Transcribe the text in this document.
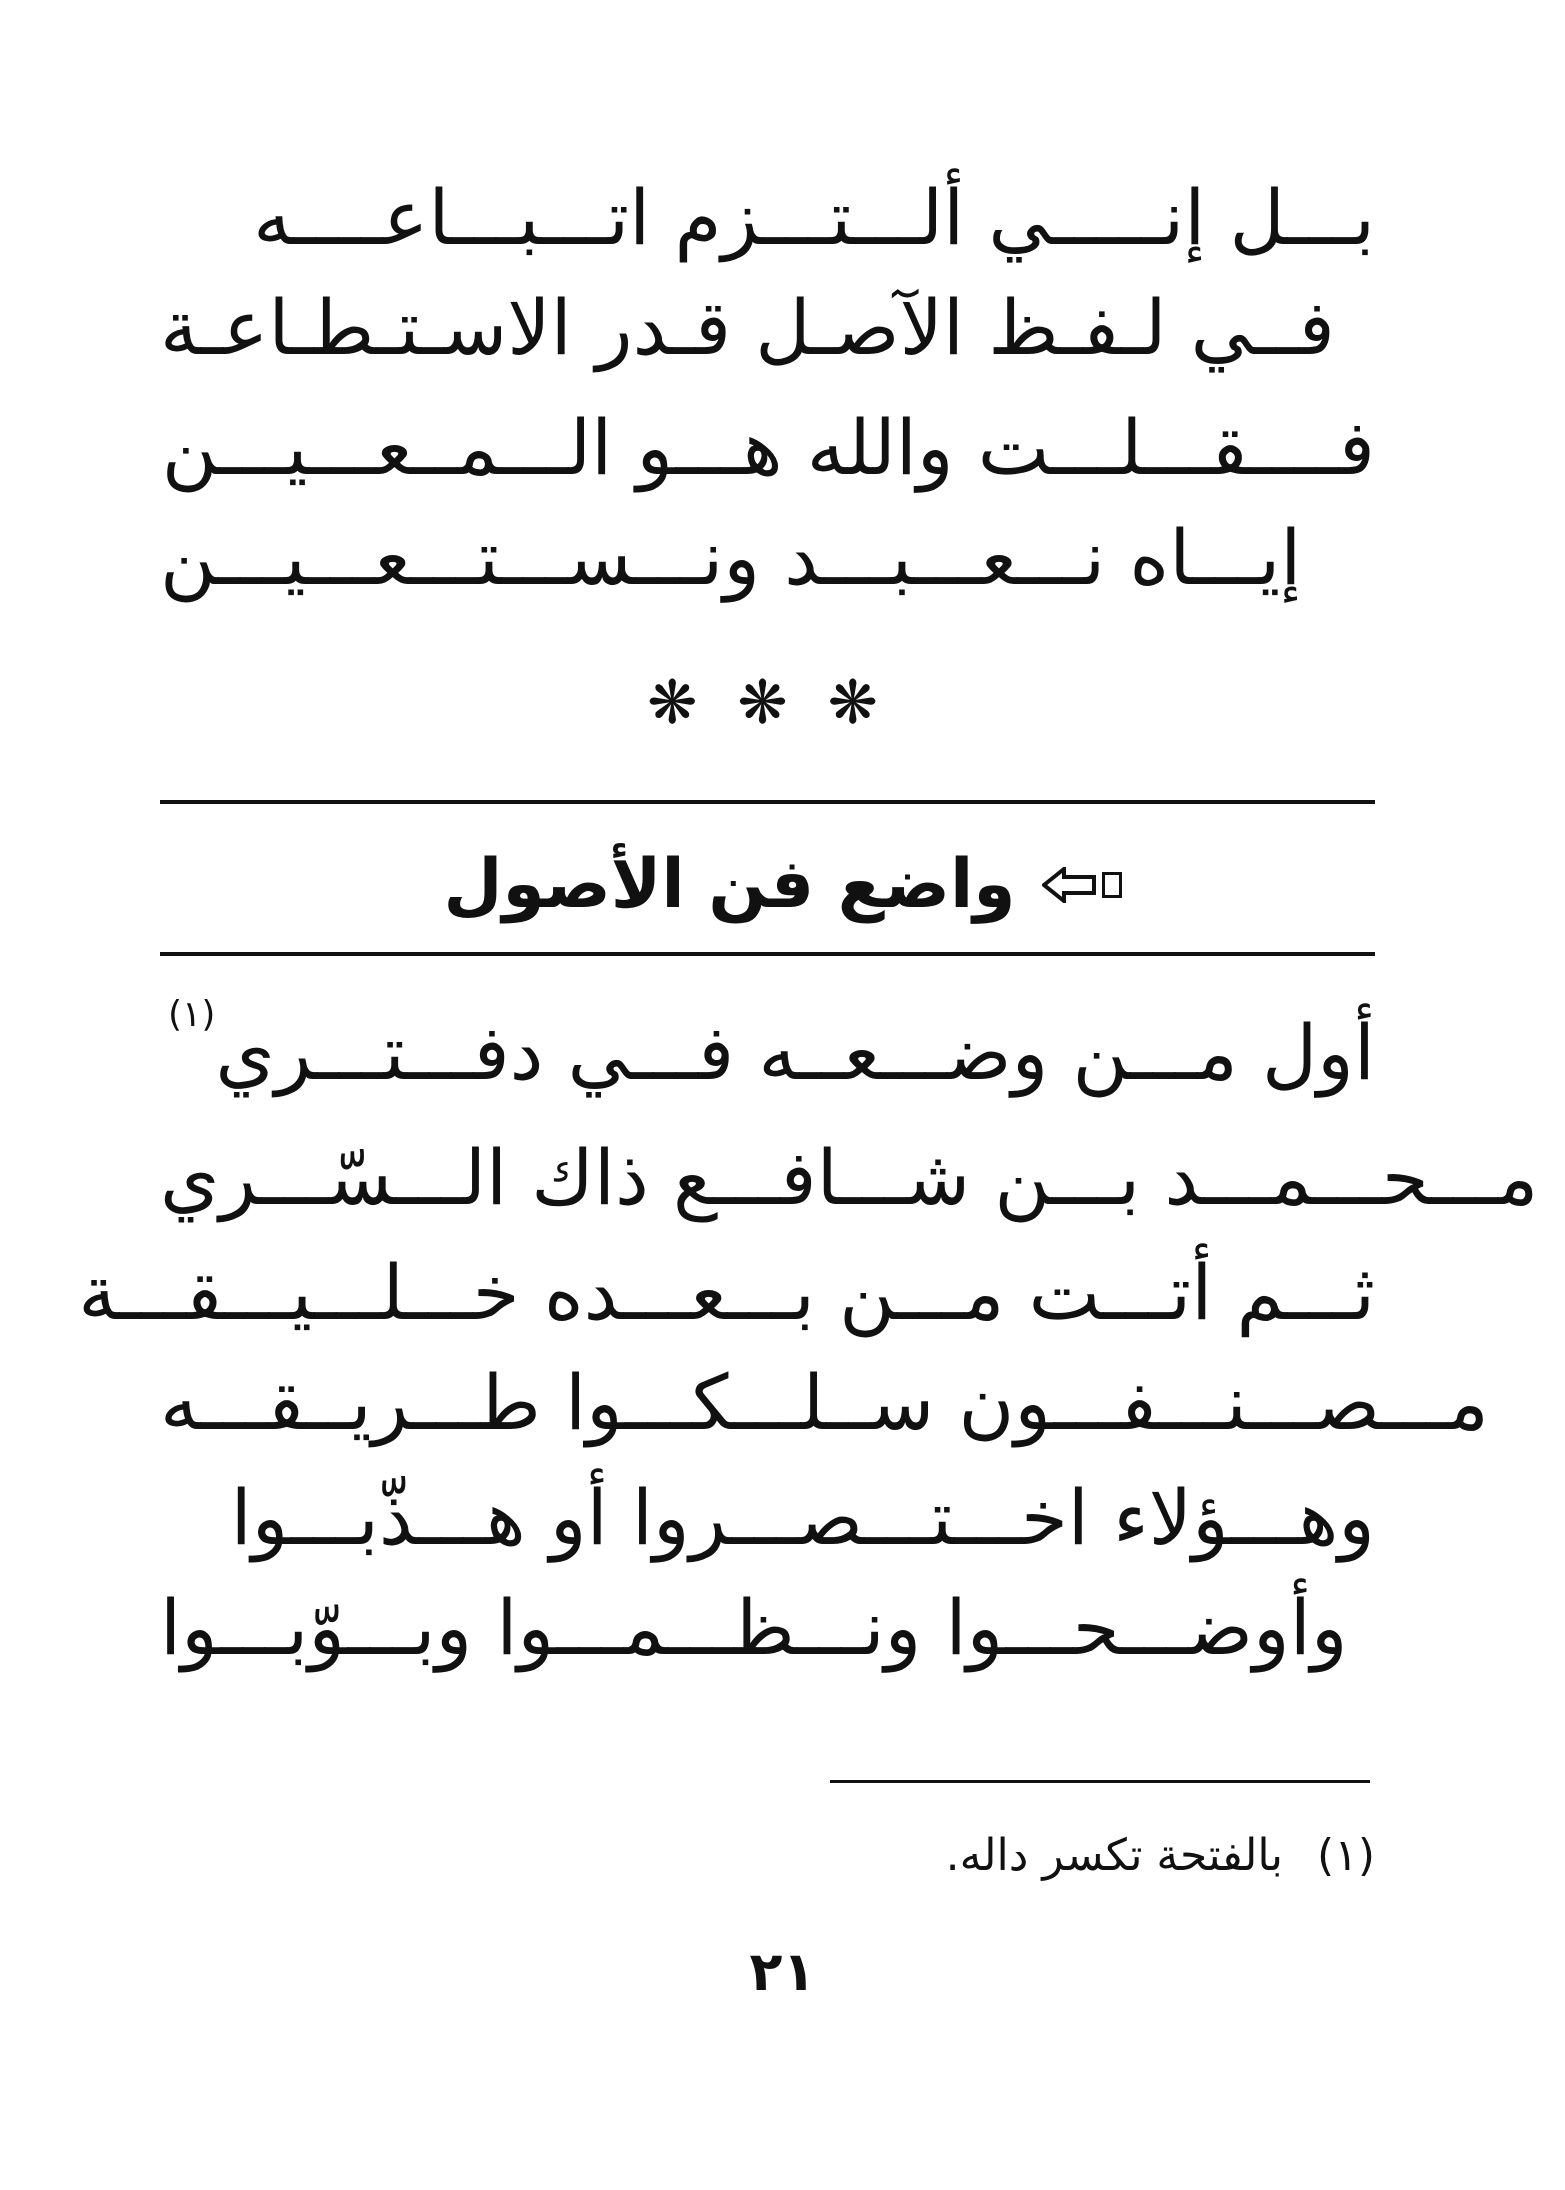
بـــل إنـــــي ألـــتـــزم اتـــبـــاعــــه
فــي لـفـظ الآصـل قـدر الاسـتـطـاعـة
فــــقـــلـــت والله هـــو الـــمــعـــيـــن
إيـــاه نـــعـــبـــد ونـــســـتـــعـــيـــن
❋❋❋
واضع فن الأصول
أول مـــن وضـــعــه فـــي دفـــتـــري$^{(١)}$
مـــحـــمـــد بـــن شـــافـــع ذاك الـــسّـــري
ثـــم أتـــت مـــن بـــعـــده خـــلـــيـــقـــة
مـــصـــنـــفـــون ســلـــكـــوا طـــريــقـــه
وهـــؤلاء اخـــتـــصـــروا أو هـــذّبـــوا
وأوضـــحـــوا ونـــظـــمـــوا وبـــوّبـــوا
(١)بالفتحة تكسر داله.
٢١
